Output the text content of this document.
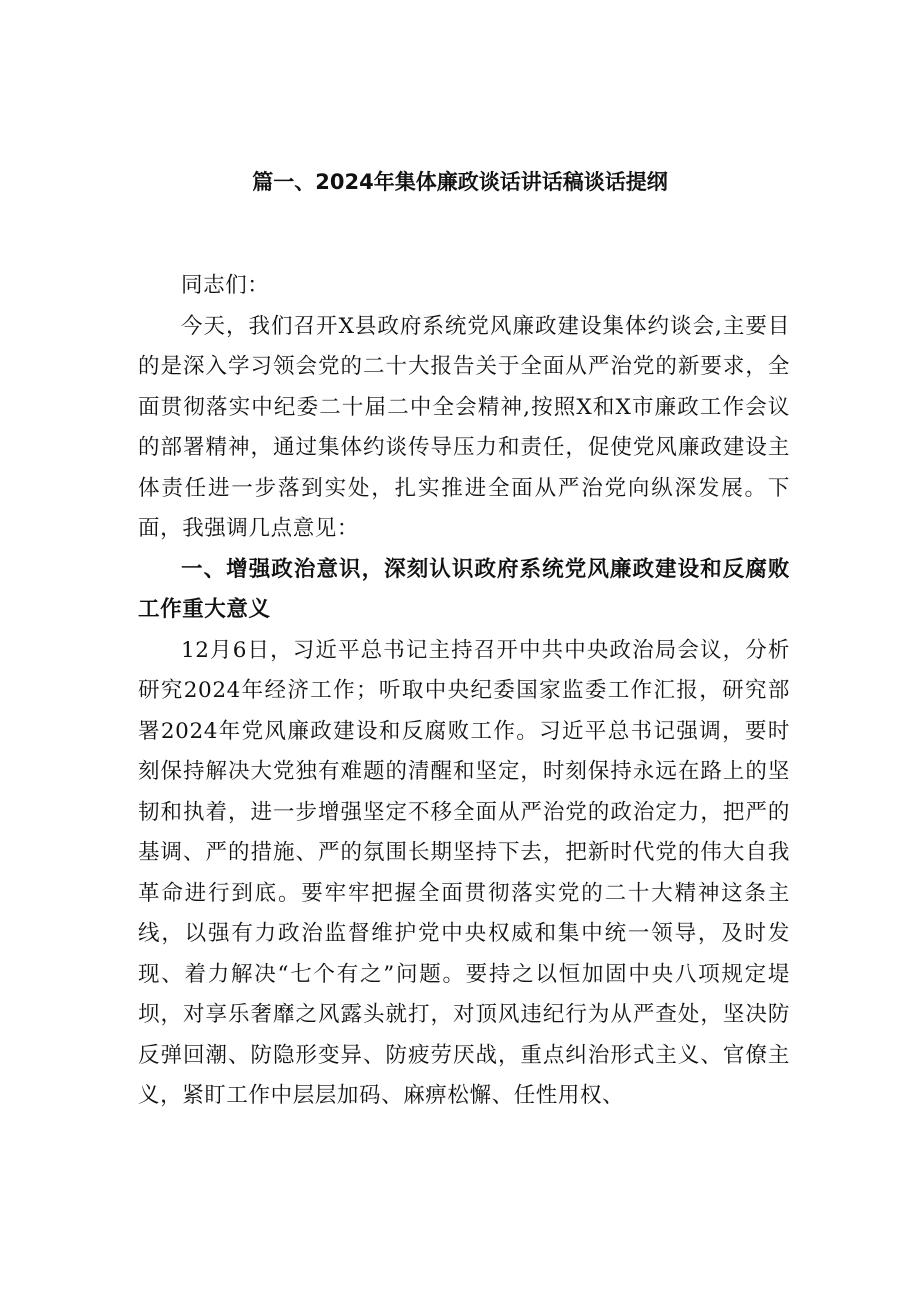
篇一、2024年集体廉政谈话讲话稿谈话提纲

同志们：

今天，我们召开X县政府系统党风廉政建设集体约谈会,主要目的是深入学习领会党的二十大报告关于全面从严治党的新要求，全面贯彻落实中纪委二十届二中全会精神,按照X和X市廉政工作会议的部署精神，通过集体约谈传导压力和责任，促使党风廉政建设主体责任进一步落到实处，扎实推进全面从严治党向纵深发展。下面，我强调几点意见：

一、增强政治意识，深刻认识政府系统党风廉政建设和反腐败工作重大意义

12月6日，习近平总书记主持召开中共中央政治局会议，分析研究2024年经济工作；听取中央纪委国家监委工作汇报，研究部署2024年党风廉政建设和反腐败工作。习近平总书记强调，要时刻保持解决大党独有难题的清醒和坚定，时刻保持永远在路上的坚韧和执着，进一步增强坚定不移全面从严治党的政治定力，把严的基调、严的措施、严的氛围长期坚持下去，把新时代党的伟大自我革命进行到底。要牢牢把握全面贯彻落实党的二十大精神这条主线，以强有力政治监督维护党中央权威和集中统一领导，及时发现、着力解决“七个有之”问题。要持之以恒加固中央八项规定堤坝，对享乐奢靡之风露头就打，对顶风违纪行为从严查处，坚决防反弹回潮、防隐形变异、防疲劳厌战，重点纠治形式主义、官僚主义，紧盯工作中层层加码、麻痹松懈、任性用权、
